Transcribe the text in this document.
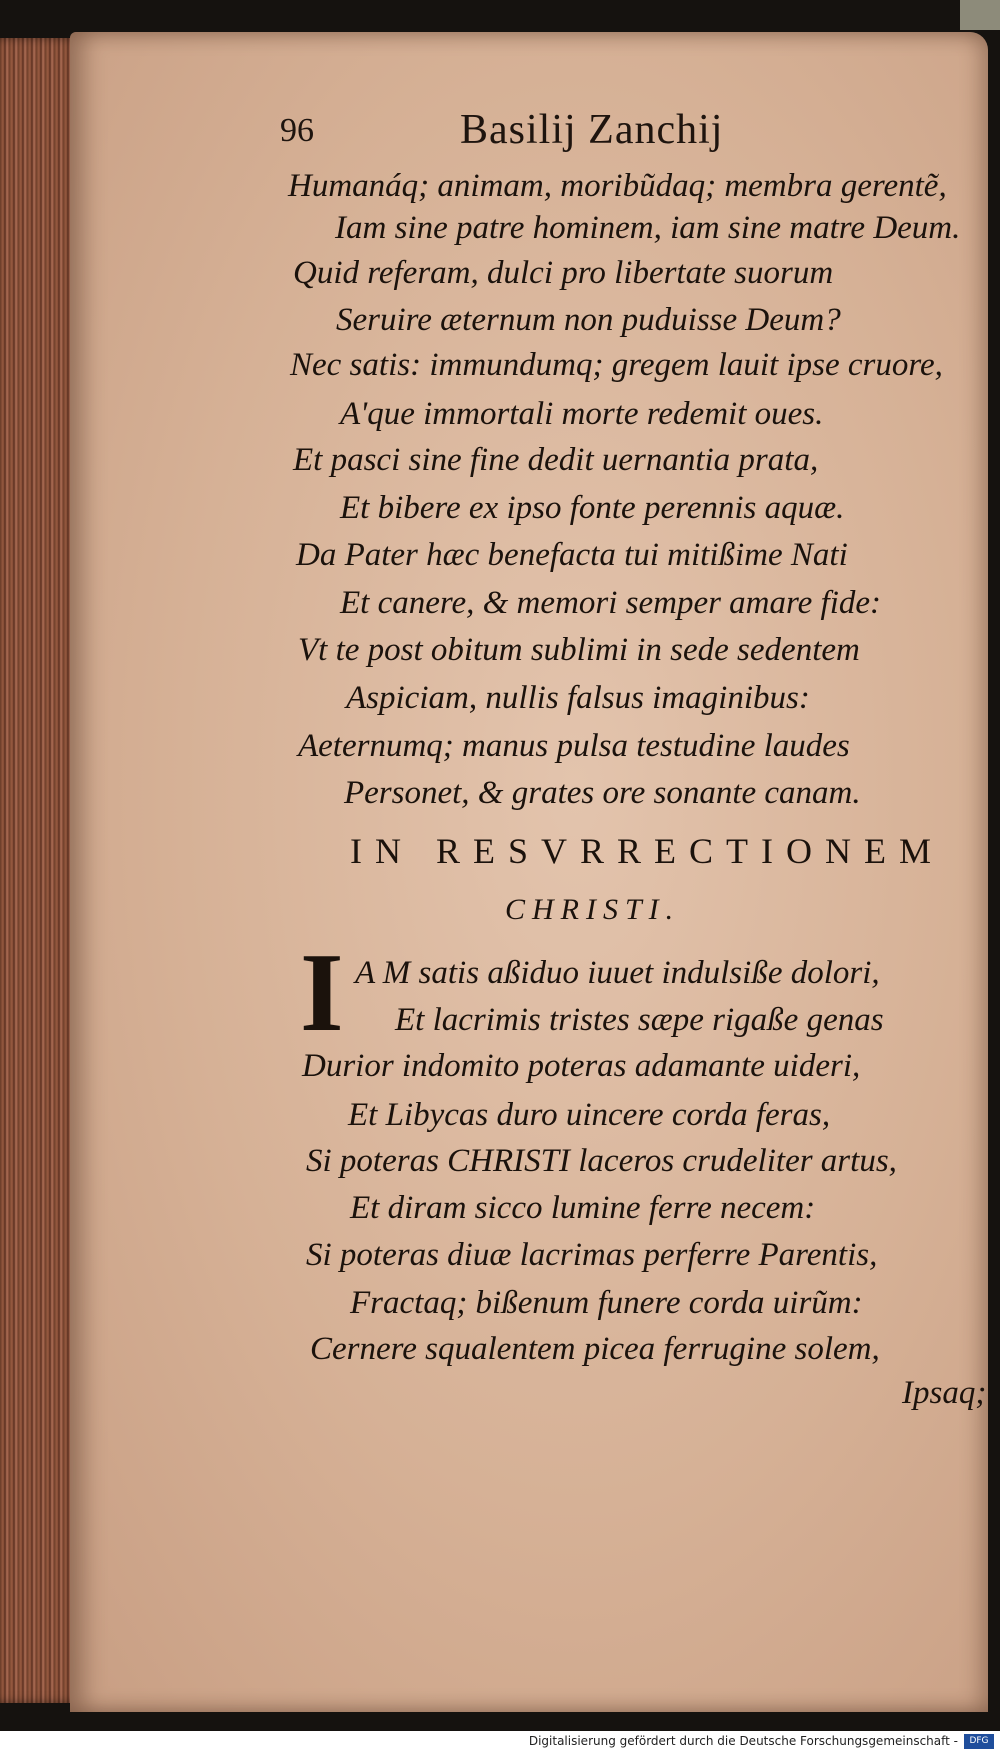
96	Basilij Zanchij
Humanáq; animam, moribũdaq; membra gerentẽ,
Iam sine patre hominem, iam sine matre Deum.
Quid referam, dulci pro libertate suorum
Seruire æternum non puduisse Deum?
Nec satis: immundumq; gregem lauit ipse cruore,
A'que immortali morte redemit oues.
Et pasci sine fine dedit uernantia prata,
Et bibere ex ipso fonte perennis aquæ.
Da Pater hæc benefacta tui mitißime Nati
Et canere, & memori semper amare fide:
Vt te post obitum sublimi in sede sedentem
Aspiciam, nullis falsus imaginibus:
Aeternumq; manus pulsa testudine laudes
Personet, & grates ore sonante canam.
IN RESVRRECTIONEM
CHRISTI.
I A M satis aßiduo iuuet indulsiße dolori,
Et lacrimis tristes sæpe rigaße genas
Durior indomito poteras adamante uideri,
Et Libycas duro uincere corda feras,
Si poteras CHRISTI laceros crudeliter artus,
Et diram sicco lumine ferre necem:
Si poteras diuæ lacrimas perferre Parentis,
Fractaq; bißenum funere corda uirũm:
Cernere squalentem picea ferrugine solem,
Ipsaq;
Digitalisierung gefördert durch die Deutsche Forschungsgemeinschaft -	DFG
